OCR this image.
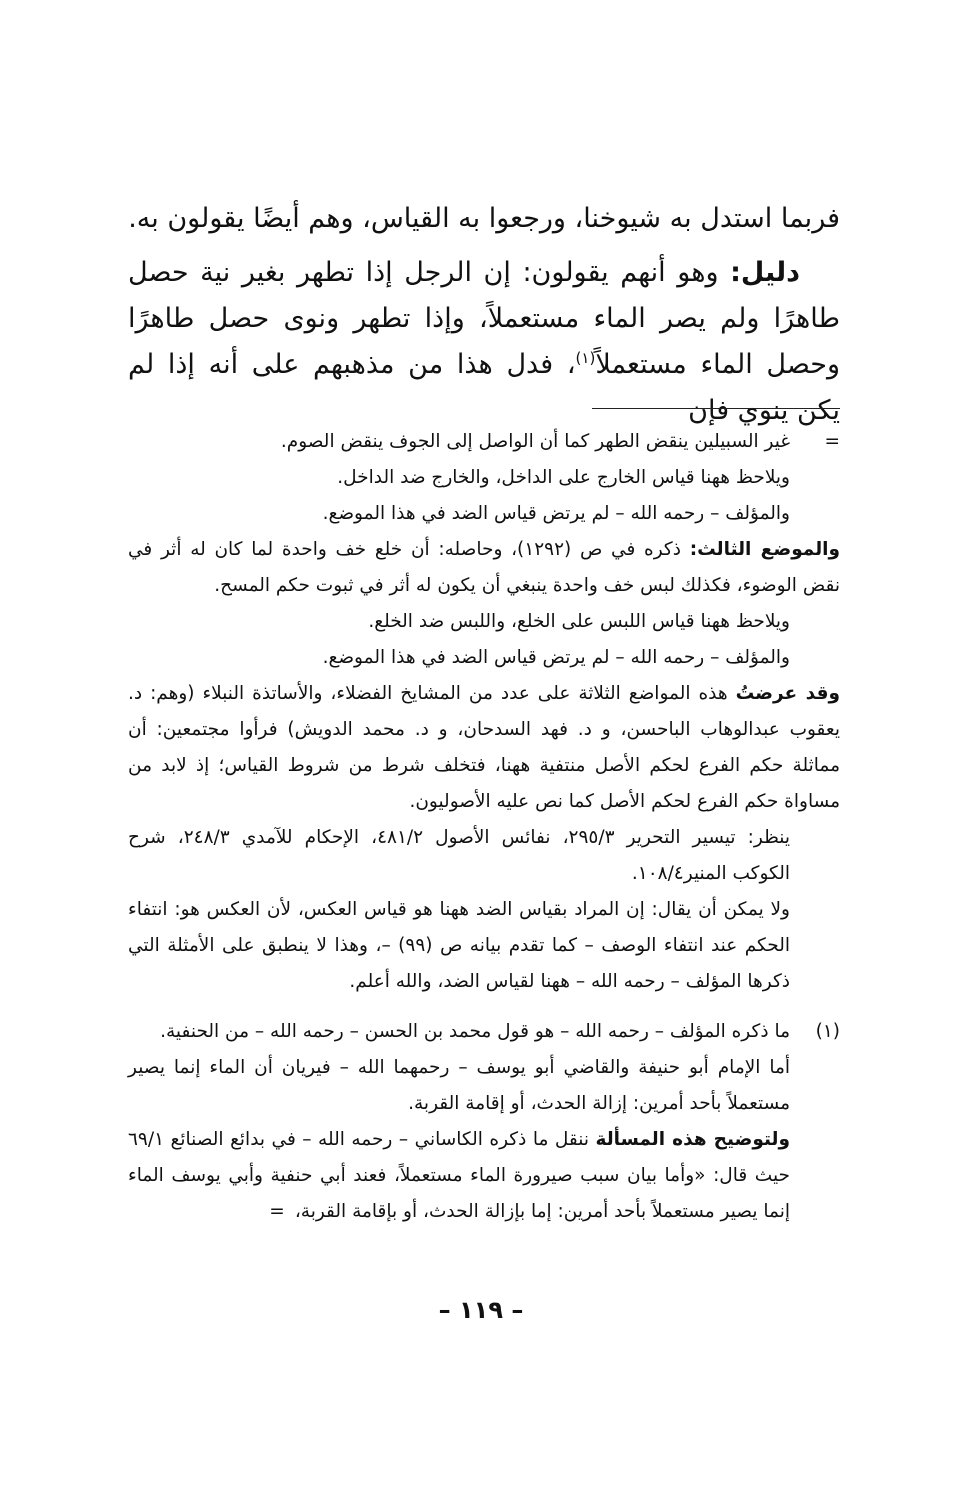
فربما استدل به شيوخنا، ورجعوا به القياس، وهم أيضًا يقولون به.

دليل: وهو أنهم يقولون: إن الرجل إذا تطهر بغير نية حصل طاهرًا ولم يصر الماء مستعملاً، وإذا تطهر ونوى حصل طاهرًا وحصل الماء مستعملاً$^{(١)}$، فدل هذا من مذهبهم على أنه إذا لم يكن ينوي فإن

=
غير السبيلين ينقض الطهر كما أن الواصل إلى الجوف ينقض الصوم.
ويلاحظ ههنا قياس الخارج على الداخل، والخارج ضد الداخل.
والمؤلف – رحمه الله – لم يرتض قياس الضد في هذا الموضع.
والموضع الثالث: ذكره في ص (١٢٩٢)، وحاصله: أن خلع خف واحدة لما كان له أثر في نقض الوضوء، فكذلك لبس خف واحدة ينبغي أن يكون له أثر في ثبوت حكم المسح.
ويلاحظ ههنا قياس اللبس على الخلع، واللبس ضد الخلع.
والمؤلف – رحمه الله – لم يرتض قياس الضد في هذا الموضع.
وقد عرضتُ هذه المواضع الثلاثة على عدد من المشايخ الفضلاء، والأساتذة النبلاء (وهم: د. يعقوب عبدالوهاب الباحسن، و د. فهد السدحان، و د. محمد الدويش) فرأوا مجتمعين: أن مماثلة حكم الفرع لحكم الأصل منتفية ههنا، فتخلف شرط من شروط القياس؛ إذ لابد من مساواة حكم الفرع لحكم الأصل كما نص عليه الأصوليون.
ينظر: تيسير التحرير ٢٩٥/٣، نفائس الأصول ٤٨١/٢، الإحكام للآمدي ٢٤٨/٣، شرح الكوكب المنير١٠٨/٤.
ولا يمكن أن يقال: إن المراد بقياس الضد ههنا هو قياس العكس، لأن العكس هو: انتفاء الحكم عند انتفاء الوصف – كما تقدم بيانه ص (٩٩) –، وهذا لا ينطبق على الأمثلة التي ذكرها المؤلف – رحمه الله – ههنا لقياس الضد، والله أعلم.
(١)
ما ذكره المؤلف – رحمه الله – هو قول محمد بن الحسن – رحمه الله – من الحنفية.
أما الإمام أبو حنيفة والقاضي أبو يوسف – رحمهما الله – فيريان أن الماء إنما يصير مستعملاً بأحد أمرين: إزالة الحدث، أو إقامة القربة.
ولتوضيح هذه المسألة ننقل ما ذكره الكاساني – رحمه الله – في بدائع الصنائع ٦٩/١ حيث قال: «وأما بيان سبب صيرورة الماء مستعملاً، فعند أبي حنفية وأبي يوسف الماء إنما يصير مستعملاً بأحد أمرين: إما بإزالة الحدث، أو بإقامة القربة،=
– ١١٩ –
